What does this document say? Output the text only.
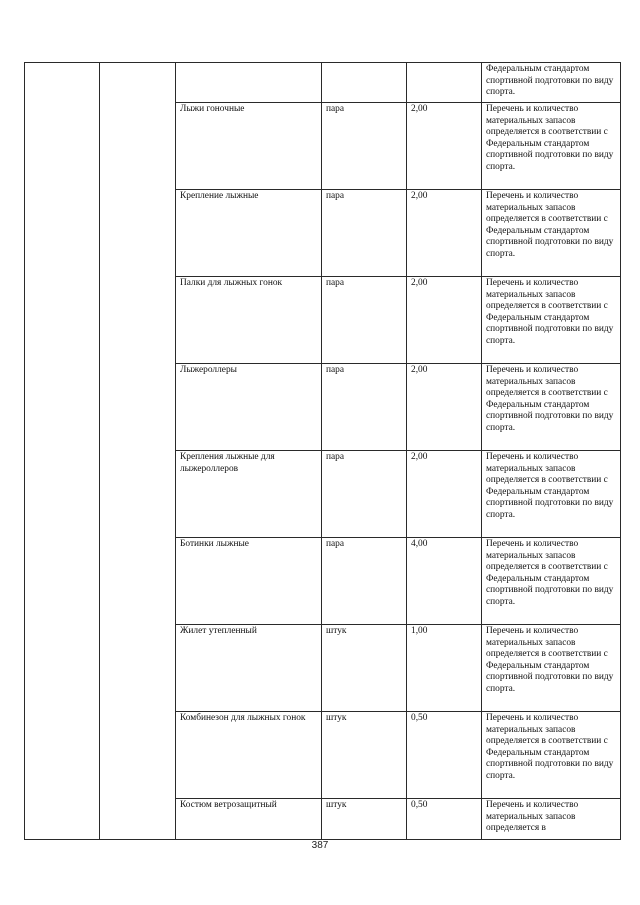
					Федеральным стандартом спортивной подготовки по виду спорта.
		Лыжи гоночные	пара	2,00	Перечень и количество материальных запасов определяется в соответствии с Федеральным стандартом спортивной подготовки по виду спорта.
		Крепление лыжные	пара	2,00	Перечень и количество материальных запасов определяется в соответствии с Федеральным стандартом спортивной подготовки по виду спорта.
		Палки для лыжных гонок	пара	2,00	Перечень и количество материальных запасов определяется в соответствии с Федеральным стандартом спортивной подготовки по виду спорта.
		Лыжероллеры	пара	2,00	Перечень и количество материальных запасов определяется в соответствии с Федеральным стандартом спортивной подготовки по виду спорта.
		Крепления лыжные для лыжероллеров	пара	2,00	Перечень и количество материальных запасов определяется в соответствии с Федеральным стандартом спортивной подготовки по виду спорта.
		Ботинки лыжные	пара	4,00	Перечень и количество материальных запасов определяется в соответствии с Федеральным стандартом спортивной подготовки по виду спорта.
		Жилет утепленный	штук	1,00	Перечень и количество материальных запасов определяется в соответствии с Федеральным стандартом спортивной подготовки по виду спорта.
		Комбинезон для лыжных гонок	штук	0,50	Перечень и количество материальных запасов определяется в соответствии с Федеральным стандартом спортивной подготовки по виду спорта.
		Костюм ветрозащитный	штук	0,50	Перечень и количество материальных запасов определяется в
387
